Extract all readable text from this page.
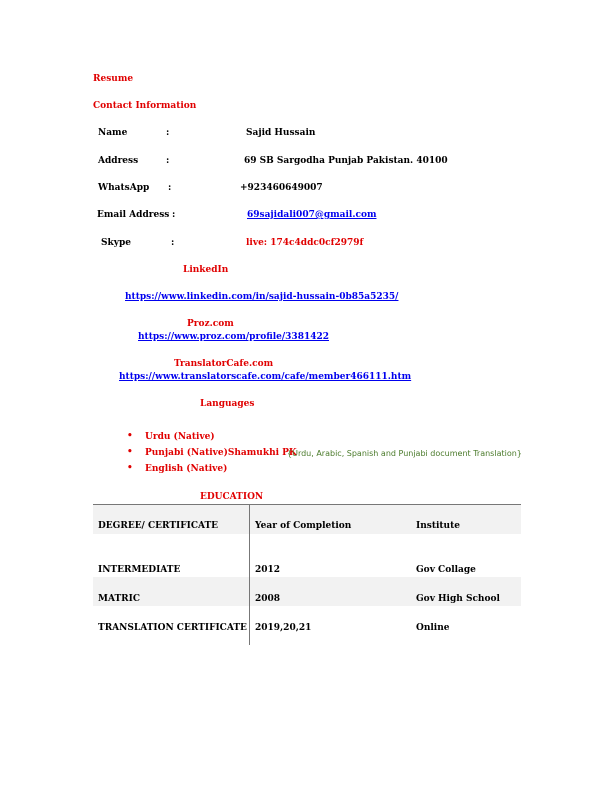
Resume
Contact Information
Name	:	Sajid Hussain
Address	:	69 SB Sargodha Punjab Pakistan. 40100
WhatsApp :	+923460649007
Email Address :	69sajidali007@gmail.com
Skype	:	live: 174c4ddc0cf2979f
LinkedIn
https://www.linkedin.com/in/sajid-hussain-0b85a5235/
Proz.com
https://www.proz.com/profile/3381422
TranslatorCafe.com
https://www.translatorscafe.com/cafe/member466111.htm
Languages
• Urdu (Native)
• Punjabi (Native)Shamukhi PK
{Urdu, Arabic, Spanish and Punjabi document Translation}
• English (Native)
EDUCATION
DEGREE/ CERTIFICATE	Year of Completion	Institute
INTERMEDIATE	2012	Gov Collage
MATRIC	2008	Gov High School
TRANSLATION CERTIFICATE 2019,20,21	Online
